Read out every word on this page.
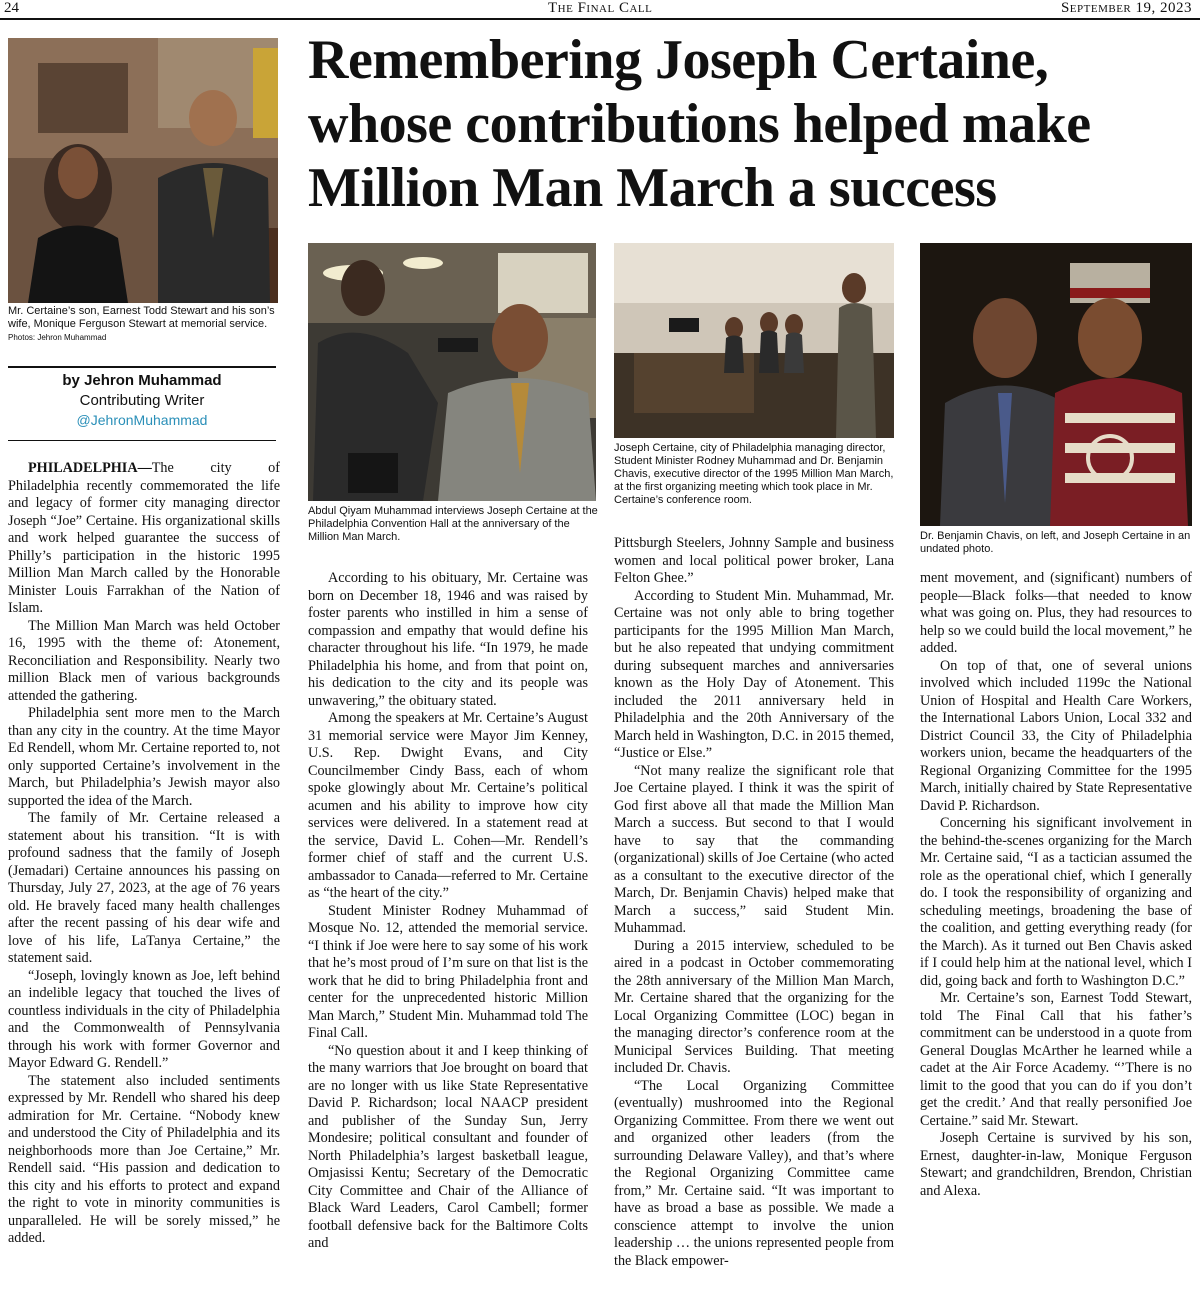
24	The Final Call	September 19, 2023
Remembering Joseph Certaine, whose contributions helped make Million Man March a success
Mr. Certaine’s son, Earnest Todd Stewart and his son’s wife, Monique Ferguson Stewart at memorial service. Photos: Jehron Muhammad
by Jehron Muhammad
Contributing Writer
@JehronMuhammad

PHILADELPHIA—The city of Philadelphia recently commemorated the life and legacy of former city managing director Joseph “Joe” Certaine. His organizational skills and work helped guarantee the success of Philly’s participation in the historic 1995 Million Man March called by the Honorable Minister Louis Farrakhan of the Nation of Islam.

The Million Man March was held October 16, 1995 with the theme of: Atonement, Reconciliation and Responsibility. Nearly two million Black men of various backgrounds attended the gathering.

Philadelphia sent more men to the March than any city in the country. At the time Mayor Ed Rendell, whom Mr. Certaine reported to, not only supported Certaine’s involvement in the March, but Philadelphia’s Jewish mayor also supported the idea of the March.

The family of Mr. Certaine released a statement about his transition. “It is with profound sadness that the family of Joseph (Jemadari) Certaine announces his passing on Thursday, July 27, 2023, at the age of 76 years old. He bravely faced many health challenges after the recent passing of his dear wife and love of his life, LaTanya Certaine,” the statement said.

“Joseph, lovingly known as Joe, left behind an indelible legacy that touched the lives of countless individuals in the city of Philadelphia and the Commonwealth of Pennsylvania through his work with former Governor and Mayor Edward G. Rendell.”

The statement also included sentiments expressed by Mr. Rendell who shared his deep admiration for Mr. Certaine. “Nobody knew and understood the City of Philadelphia and its neighborhoods more than Joe Certaine,” Mr. Rendell said. “His passion and dedication to this city and his efforts to protect and expand the right to vote in minority communities is unparalleled. He will be sorely missed,” he added.

Abdul Qiyam Muhammad interviews Joseph Certaine at the Philadelphia Convention Hall at the anniversary of the Million Man March.

According to his obituary, Mr. Certaine was born on December 18, 1946 and was raised by foster parents who instilled in him a sense of compassion and empathy that would define his character throughout his life. “In 1979, he made Philadelphia his home, and from that point on, his dedication to the city and its people was unwavering,” the obituary stated.

Among the speakers at Mr. Certaine’s August 31 memorial service were Mayor Jim Kenney, U.S. Rep. Dwight Evans, and City Councilmember Cindy Bass, each of whom spoke glowingly about Mr. Certaine’s political acumen and his ability to improve how city services were delivered. In a statement read at the service, David L. Cohen—Mr. Rendell’s former chief of staff and the current U.S. ambassador to Canada—referred to Mr. Certaine as “the heart of the city.”

Student Minister Rodney Muhammad of Mosque No. 12, attended the memorial service. “I think if Joe were here to say some of his work that he’s most proud of I’m sure on that list is the work that he did to bring Philadelphia front and center for the unprecedented historic Million Man March,” Student Min. Muhammad told The Final Call.

“No question about it and I keep thinking of the many warriors that Joe brought on board that are no longer with us like State Representative David P. Richardson; local NAACP president and publisher of the Sunday Sun, Jerry Mondesire; political consultant and founder of North Philadelphia’s largest basketball league, Omjasissi Kentu; Secretary of the Democratic City Committee and Chair of the Alliance of Black Ward Leaders, Carol Cambell; former football defensive back for the Baltimore Colts and

Joseph Certaine, city of Philadelphia managing director, Student Minister Rodney Muhammad and Dr. Benjamin Chavis, executive director of the 1995 Million Man March, at the first organizing meeting which took place in Mr. Certaine’s conference room.

Pittsburgh Steelers, Johnny Sample and business women and local political power broker, Lana Felton Ghee.”

According to Student Min. Muhammad, Mr. Certaine was not only able to bring together participants for the 1995 Million Man March, but he also repeated that undying commitment during subsequent marches and anniversaries known as the Holy Day of Atonement. This included the 2011 anniversary held in Philadelphia and the 20th Anniversary of the March held in Washington, D.C. in 2015 themed, “Justice or Else.”

“Not many realize the significant role that Joe Certaine played. I think it was the spirit of God first above all that made the Million Man March a success. But second to that I would have to say that the commanding (organizational) skills of Joe Certaine (who acted as a consultant to the executive director of the March, Dr. Benjamin Chavis) helped make that March a success,” said Student Min. Muhammad.

During a 2015 interview, scheduled to be aired in a podcast in October commemorating the 28th anniversary of the Million Man March, Mr. Certaine shared that the organizing for the Local Organizing Committee (LOC) began in the managing director’s conference room at the Municipal Services Building. That meeting included Dr. Chavis.

“The Local Organizing Committee (eventually) mushroomed into the Regional Organizing Committee. From there we went out and organized other leaders (from the surrounding Delaware Valley), and that’s where the Regional Organizing Committee came from,” Mr. Certaine said. “It was important to have as broad a base as possible. We made a conscience attempt to involve the union leadership … the unions represented people from the Black empower-

Dr. Benjamin Chavis, on left, and Joseph Certaine in an undated photo.

ment movement, and (significant) numbers of people—Black folks—that needed to know what was going on. Plus, they had resources to help so we could build the local movement,” he added.

On top of that, one of several unions involved which included 1199c the National Union of Hospital and Health Care Workers, the International Labors Union, Local 332 and District Council 33, the City of Philadelphia workers union, became the headquarters of the Regional Organizing Committee for the 1995 March, initially chaired by State Representative David P. Richardson.

Concerning his significant involvement in the behind-the-scenes organizing for the March Mr. Certaine said, “I as a tactician assumed the role as the operational chief, which I generally do. I took the responsibility of organizing and scheduling meetings, broadening the base of the coalition, and getting everything ready (for the March). As it turned out Ben Chavis asked if I could help him at the national level, which I did, going back and forth to Washington D.C.”

Mr. Certaine’s son, Earnest Todd Stewart, told The Final Call that his father’s commitment can be understood in a quote from General Douglas McArther he learned while a cadet at the Air Force Academy. “’There is no limit to the good that you can do if you don’t get the credit.’ And that really personified Joe Certaine.” said Mr. Stewart.

Joseph Certaine is survived by his son, Ernest, daughter-in-law, Monique Ferguson Stewart; and grandchildren, Brendon, Christian and Alexa.
